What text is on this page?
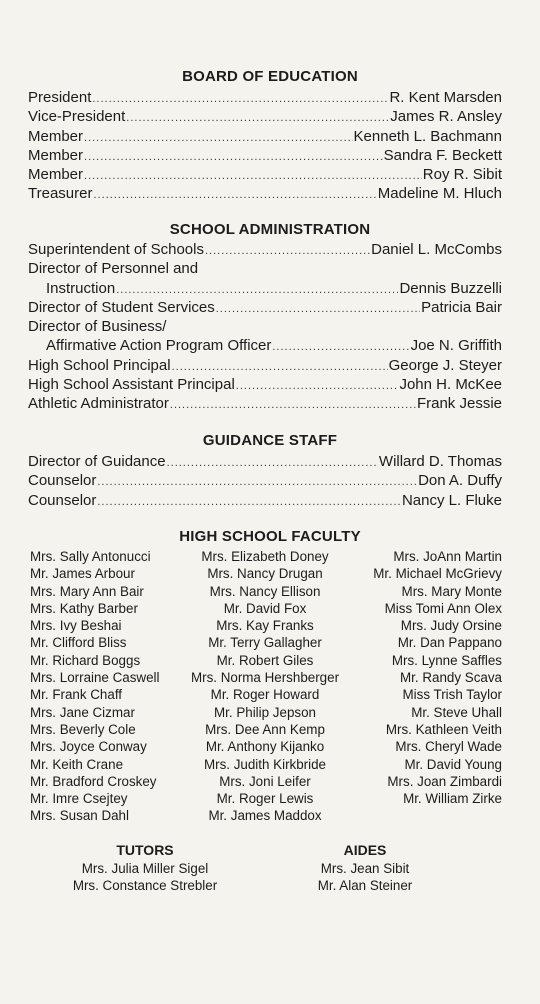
BOARD OF EDUCATION
President .....	R. Kent Marsden
Vice-President .....	James R. Ansley
Member .....	Kenneth L. Bachmann
Member .....	Sandra F. Beckett
Member .....	Roy R. Sibit
Treasurer .....	Madeline M. Hluch
SCHOOL ADMINISTRATION
Superintendent of Schools .....	Daniel L. McCombs
Director of Personnel and
Instruction .....	Dennis Buzzelli
Director of Student Services .....	Patricia Bair
Director of Business/
Affirmative Action Program Officer .....	Joe N. Griffith
High School Principal .....	George J. Steyer
High School Assistant Principal .....	John H. McKee
Athletic Administrator .....	Frank Jessie
GUIDANCE STAFF
Director of Guidance .....	Willard D. Thomas
Counselor .....	Don A. Duffy
Counselor .....	Nancy L. Fluke
HIGH SCHOOL FACULTY
Mrs. Sally Antonucci
Mr. James Arbour
Mrs. Mary Ann Bair
Mrs. Kathy Barber
Mrs. Ivy Beshai
Mr. Clifford Bliss
Mr. Richard Boggs
Mrs. Lorraine Caswell
Mr. Frank Chaff
Mrs. Jane Cizmar
Mrs. Beverly Cole
Mrs. Joyce Conway
Mr. Keith Crane
Mr. Bradford Croskey
Mr. Imre Csejtey
Mrs. Susan Dahl
Mrs. Elizabeth Doney
Mrs. Nancy Drugan
Mrs. Nancy Ellison
Mr. David Fox
Mrs. Kay Franks
Mr. Terry Gallagher
Mr. Robert Giles
Mrs. Norma Hershberger
Mr. Roger Howard
Mr. Philip Jepson
Mrs. Dee Ann Kemp
Mr. Anthony Kijanko
Mrs. Judith Kirkbride
Mrs. Joni Leifer
Mr. Roger Lewis
Mr. James Maddox
Mrs. JoAnn Martin
Mr. Michael McGrievy
Mrs. Mary Monte
Miss Tomi Ann Olex
Mrs. Judy Orsine
Mr. Dan Pappano
Mrs. Lynne Saffles
Mr. Randy Scava
Miss Trish Taylor
Mr. Steve Uhall
Mrs. Kathleen Veith
Mrs. Cheryl Wade
Mr. David Young
Mrs. Joan Zimbardi
Mr. William Zirke
TUTORS
Mrs. Julia Miller Sigel
Mrs. Constance Strebler
AIDES
Mrs. Jean Sibit
Mr. Alan Steiner
